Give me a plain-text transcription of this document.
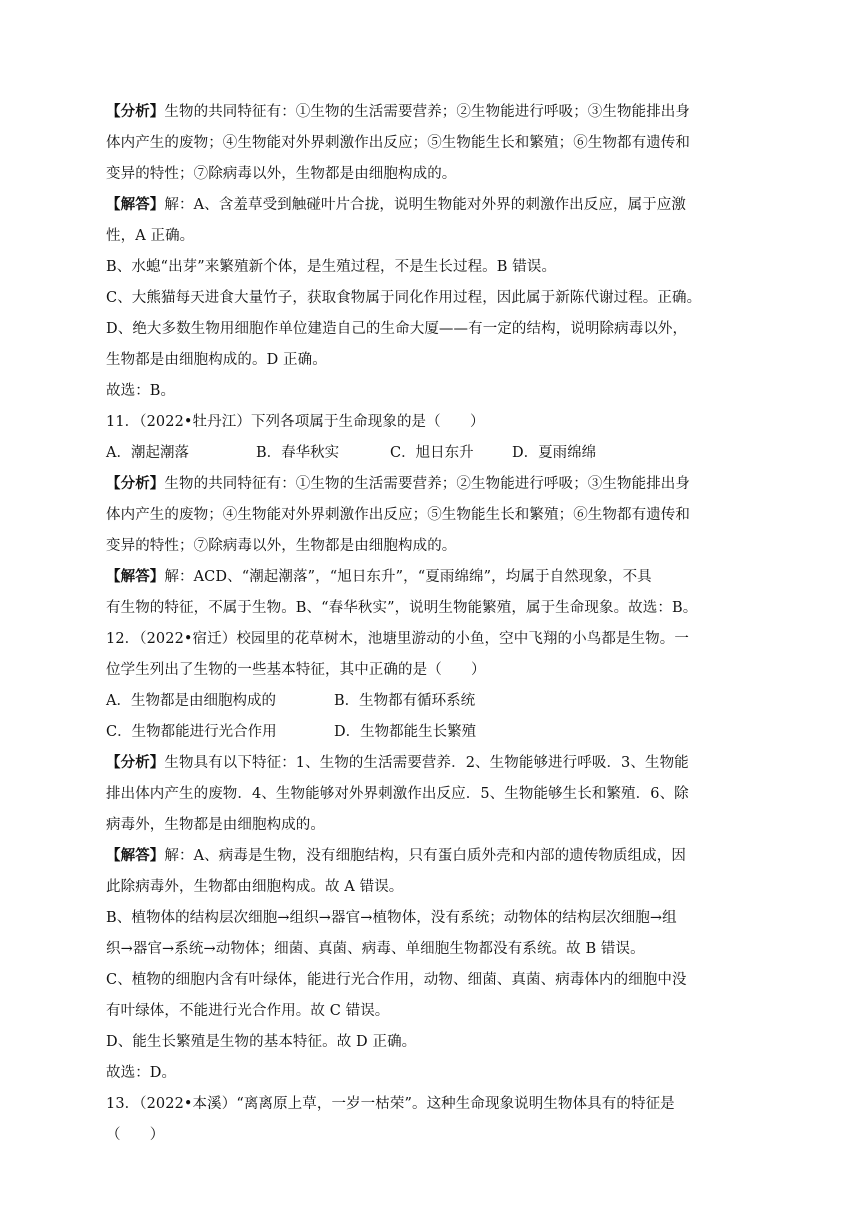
【分析】生物的共同特征有：①生物的生活需要营养；②生物能进行呼吸；③生物能排出身
体内产生的废物；④生物能对外界刺激作出反应；⑤生物能生长和繁殖；⑥生物都有遗传和
变异的特性；⑦除病毒以外，生物都是由细胞构成的。
【解答】解：A、含羞草受到触碰叶片合拢，说明生物能对外界的刺激作出反应，属于应激
性，A 正确。
B、水螅“出芽”来繁殖新个体，是生殖过程，不是生长过程。B 错误。
C、大熊猫每天进食大量竹子，获取食物属于同化作用过程，因此属于新陈代谢过程。正确。
D、绝大多数生物用细胞作单位建造自己的生命大厦——有一定的结构，说明除病毒以外，
生物都是由细胞构成的。D 正确。
故选：B。
11．（2022•牡丹江）下列各项属于生命现象的是（　　）
A．潮起潮落	B．春华秋实	C．旭日东升	D．夏雨绵绵
【分析】生物的共同特征有：①生物的生活需要营养；②生物能进行呼吸；③生物能排出身
体内产生的废物；④生物能对外界刺激作出反应；⑤生物能生长和繁殖；⑥生物都有遗传和
变异的特性；⑦除病毒以外，生物都是由细胞构成的。
【解答】解：ACD、“潮起潮落”，“旭日东升”，“夏雨绵绵”，均属于自然现象，不具
有生物的特征，不属于生物。B、“春华秋实”，说明生物能繁殖，属于生命现象。故选：B。
12．（2022•宿迁）校园里的花草树木，池塘里游动的小鱼，空中飞翔的小鸟都是生物。一
位学生列出了生物的一些基本特征，其中正确的是（　　）
A．生物都是由细胞构成的	B．生物都有循环系统
C．生物都能进行光合作用	D．生物都能生长繁殖
【分析】生物具有以下特征：1、生物的生活需要营养．2、生物能够进行呼吸．3、生物能
排出体内产生的废物．4、生物能够对外界刺激作出反应．5、生物能够生长和繁殖．6、除
病毒外，生物都是由细胞构成的。
【解答】解：A、病毒是生物，没有细胞结构，只有蛋白质外壳和内部的遗传物质组成，因
此除病毒外，生物都由细胞构成。故 A 错误。
B、植物体的结构层次细胞→组织→器官→植物体，没有系统；动物体的结构层次细胞→组
织→器官→系统→动物体；细菌、真菌、病毒、单细胞生物都没有系统。故 B 错误。
C、植物的细胞内含有叶绿体，能进行光合作用，动物、细菌、真菌、病毒体内的细胞中没
有叶绿体，不能进行光合作用。故 C 错误。
D、能生长繁殖是生物的基本特征。故 D 正确。
故选：D。
13．（2022•本溪）“离离原上草，一岁一枯荣”。这种生命现象说明生物体具有的特征是
（　　）
